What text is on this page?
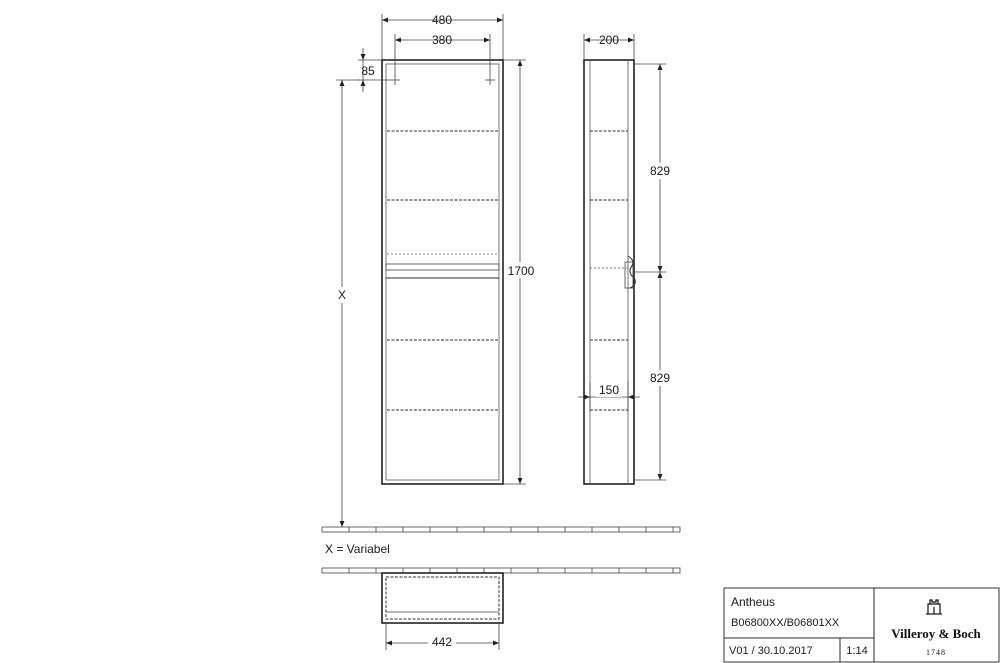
480
380
85
1700
X
200
829
829
150
X = Variabel
442
Antheus
B06800XX/B06801XX
V01 / 30.10.2017	1:14
Villeroy & Boch
1748
